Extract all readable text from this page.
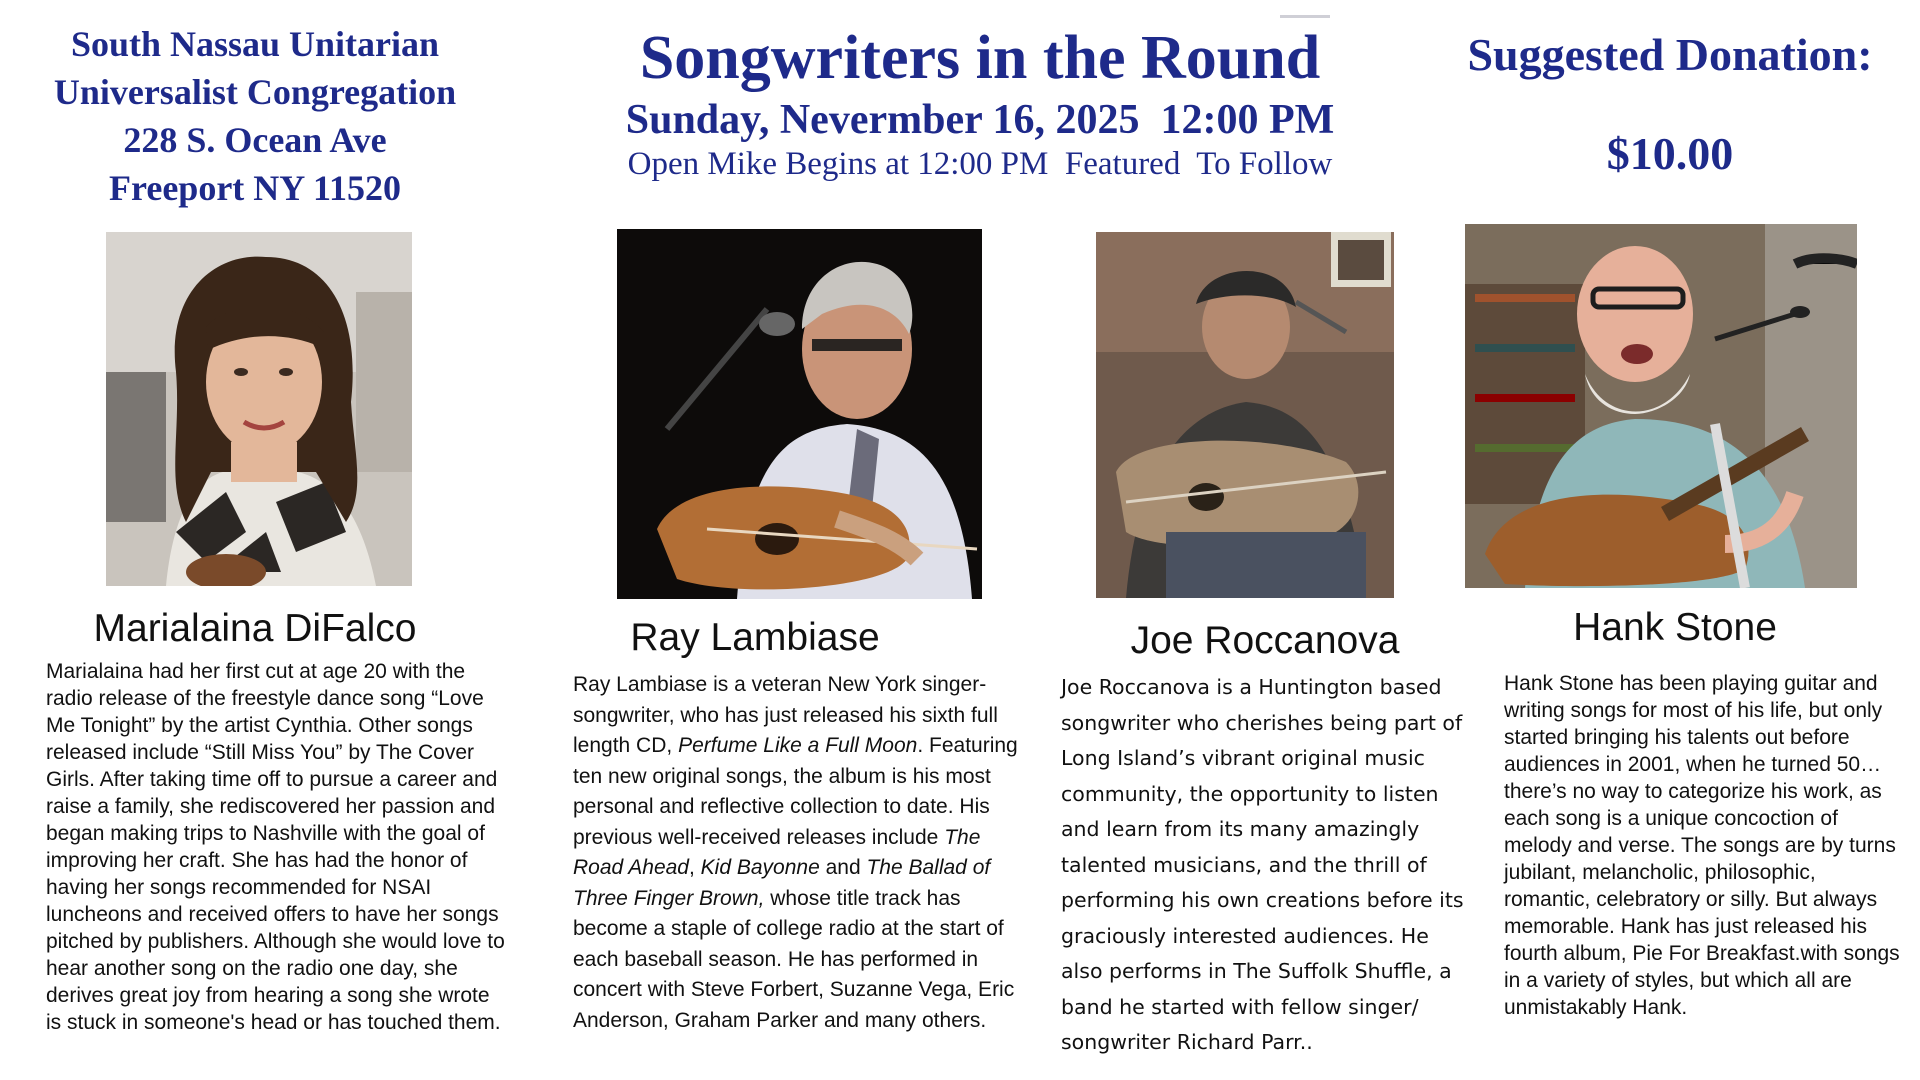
South Nassau Unitarian
Universalist Congregation
228 S. Ocean Ave
Freeport NY 11520
Songwriters in the Round
Sunday, Nevermber 16, 2025  12:00 PM
Open Mike Begins at 12:00 PM  Featured  To Follow
Suggested Donation:
$10.00
Marialaina DiFalco	Ray Lambiase	Joe Roccanova	Hank Stone

Marialaina had her first cut at age 20 with the radio release of the freestyle dance song “Love Me Tonight” by the artist Cynthia. Other songs released include “Still Miss You” by The Cover Girls. After taking time off to pursue a career and raise a family, she rediscovered her passion and began making trips to Nashville with the goal of improving her craft. She has had the honor of having her songs recommended for NSAI luncheons and received offers to have her songs pitched by publishers. Although she would love to hear another song on the radio one day, she derives great joy from hearing a song she wrote is stuck in someone's head or has touched them.

Ray Lambiase is a veteran New York singer-songwriter, who has just released his sixth full length CD, Perfume Like a Full Moon. Featuring ten new original songs, the album is his most personal and reflective collection to date. His previous well-received releases include The Road Ahead, Kid Bayonne and The Ballad of Three Finger Brown, whose title track has become a staple of college radio at the start of each baseball season. He has performed in concert with Steve Forbert, Suzanne Vega, Eric Anderson, Graham Parker and many others.

Joe Roccanova is a Huntington based songwriter who cherishes being part of Long Island’s vibrant original music community, the opportunity to listen and learn from its many amazingly talented musicians, and the thrill of performing his own creations before its graciously interested audiences. He also performs in The Suffolk Shuffle, a band he started with fellow singer/ songwriter Richard Parr..

Hank Stone has been playing guitar and writing songs for most of his life, but only started bringing his talents out before audiences in 2001, when he turned 50… there’s no way to categorize his work, as each song is a unique concoction of melody and verse. The songs are by turns jubilant, melancholic, philosophic, romantic, celebratory or silly. But always memorable. Hank has just released his fourth album, Pie For Breakfast.with songs in a variety of styles, but which all are unmistakably Hank.
